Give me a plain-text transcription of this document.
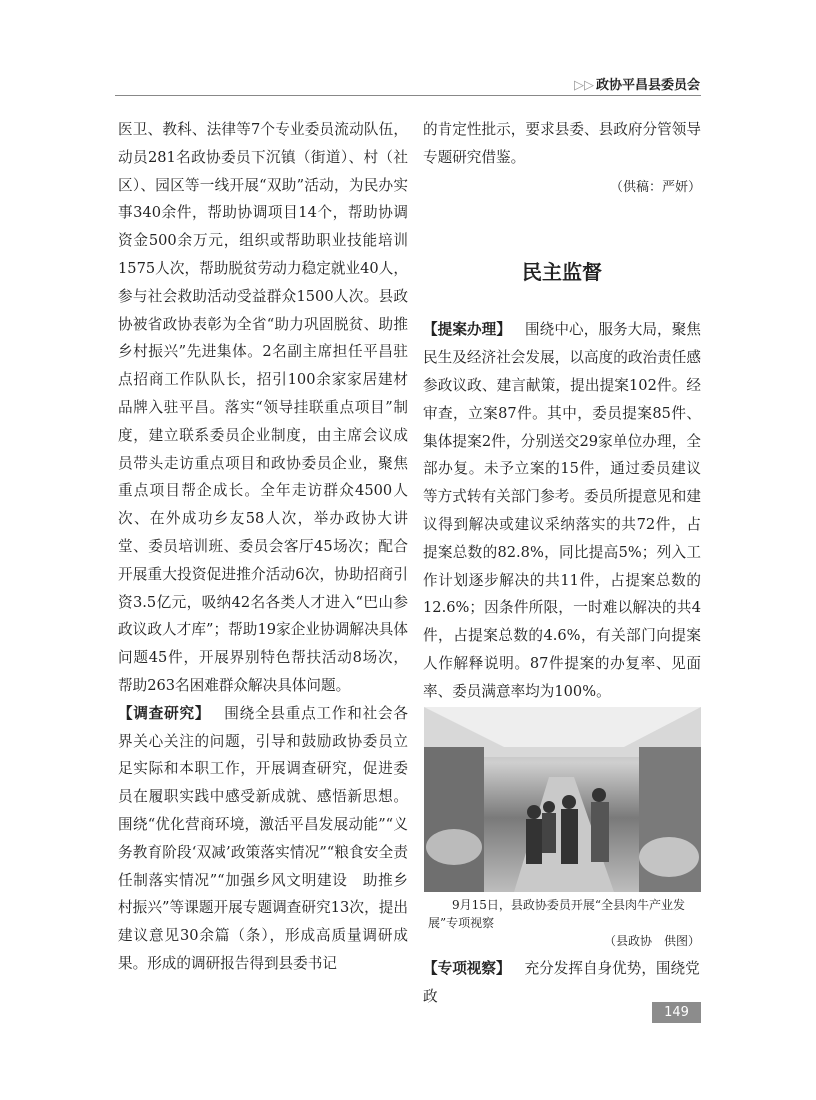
▷▷ 政协平昌县委员会

医卫、教科、法律等7个专业委员流动队伍，动员281名政协委员下沉镇（街道）、村（社区）、园区等一线开展“双助”活动，为民办实事340余件，帮助协调项目14个，帮助协调资金500余万元，组织或帮助职业技能培训1575人次，帮助脱贫劳动力稳定就业40人，参与社会救助活动受益群众1500人次。县政协被省政协表彰为全省“助力巩固脱贫、助推乡村振兴”先进集体。2名副主席担任平昌驻点招商工作队队长，招引100余家家居建材品牌入驻平昌。落实“领导挂联重点项目”制度，建立联系委员企业制度，由主席会议成员带头走访重点项目和政协委员企业，聚焦重点项目帮企成长。全年走访群众4500人次、在外成功乡友58人次，举办政协大讲堂、委员培训班、委员会客厅45场次；配合开展重大投资促进推介活动6次，协助招商引资3.5亿元，吸纳42名各类人才进入“巴山参政议政人才库”；帮助19家企业协调解决具体问题45件，开展界别特色帮扶活动8场次，帮助263名困难群众解决具体问题。

【调查研究】 围绕全县重点工作和社会各界关心关注的问题，引导和鼓励政协委员立足实际和本职工作，开展调查研究，促进委员在履职实践中感受新成就、感悟新思想。围绕“优化营商环境，激活平昌发展动能”“义务教育阶段‘双减’政策落实情况”“粮食安全责任制落实情况”“加强乡风文明建设　助推乡村振兴”等课题开展专题调查研究13次，提出建议意见30余篇（条），形成高质量调研成果。形成的调研报告得到县委书记

的肯定性批示，要求县委、县政府分管领导专题研究借鉴。

（供稿：严妍）

民主监督

【提案办理】 围绕中心，服务大局，聚焦民生及经济社会发展，以高度的政治责任感参政议政、建言献策，提出提案102件。经审查，立案87件。其中，委员提案85件、集体提案2件，分别送交29家单位办理，全部办复。未予立案的15件，通过委员建议等方式转有关部门参考。委员所提意见和建议得到解决或建议采纳落实的共72件，占提案总数的82.8%，同比提高5%；列入工作计划逐步解决的共11件，占提案总数的12.6%；因条件所限，一时难以解决的共4件，占提案总数的4.6%，有关部门向提案人作解释说明。87件提案的办复率、见面率、委员满意率均为100%。

9月15日，县政协委员开展“全县肉牛产业发展”专项视察
（县政协　供图）

【专项视察】 充分发挥自身优势，围绕党政

149
